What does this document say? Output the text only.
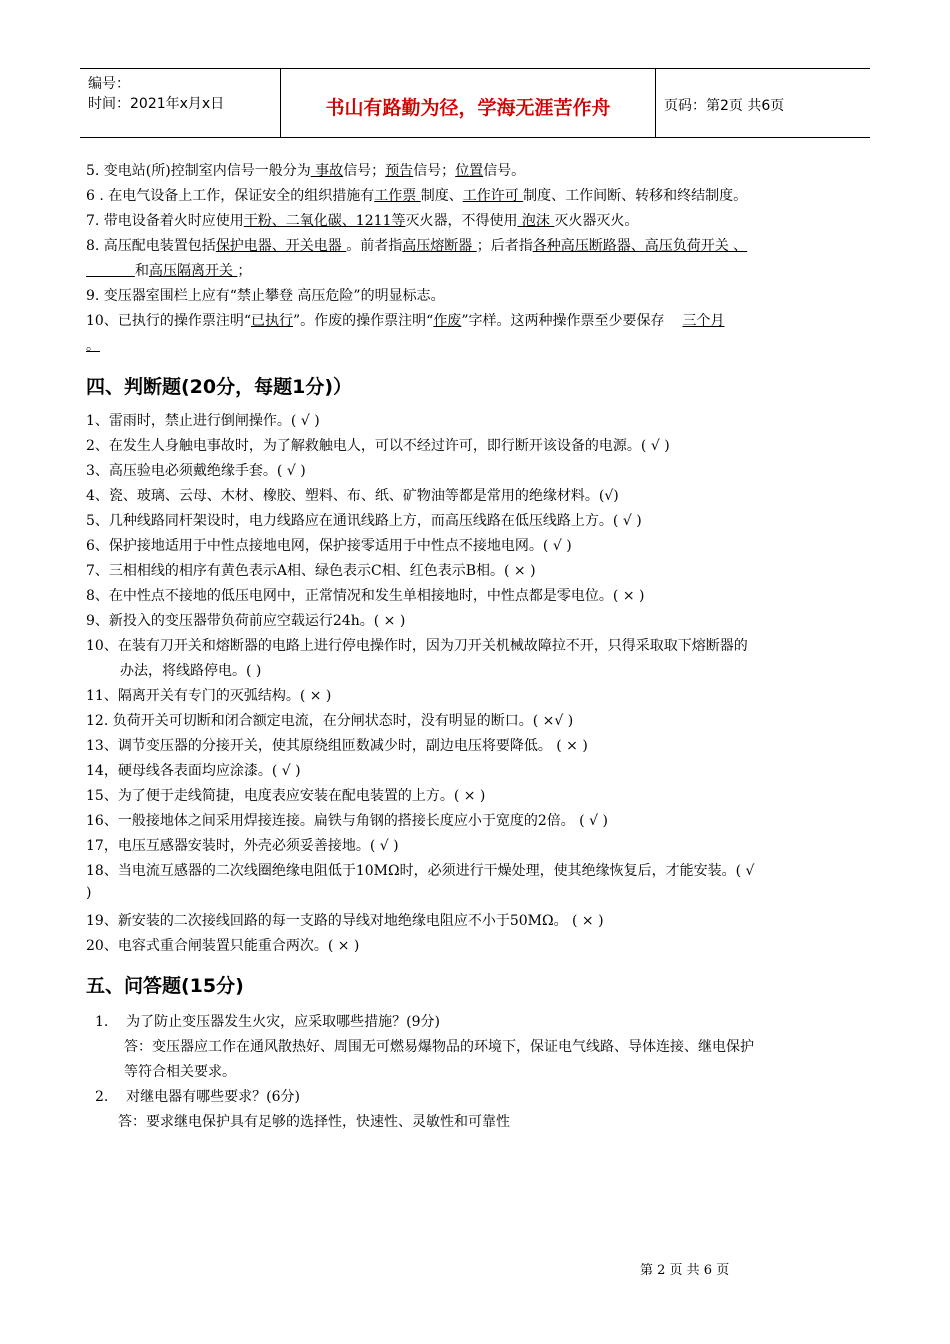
编号：
时间：2021年x月x日	书山有路勤为径，学海无涯苦作舟	页码：第2页 共6页
5. 变电站(所)控制室内信号一般分为 事故信号；预告信号；位置信号。
6 . 在电气设备上工作，保证安全的组织措施有工作票 制度、工作许可 制度、工作间断、转移和终结制度。
7. 带电设备着火时应使用干粉、二氧化碳、1211等灭火器，不得使用 泡沫 灭火器灭火。
8. 高压配电装置包括保护电器、开关电器 。前者指高压熔断器 ；后者指各种高压断路器、高压负荷开关 、
和高压隔离开关 ；
9. 变压器室围栏上应有“禁止攀登 高压危险”的明显标志。
10、已执行的操作票注明“已执行”。作废的操作票注明“作废”字样。这两种操作票至少要保存 三个月
。
四、判断题(20分，每题1分)）
1、雷雨时，禁止进行倒闸操作。( √ )
2、在发生人身触电事故时，为了解救触电人，可以不经过许可，即行断开该设备的电源。( √ )
3、高压验电必须戴绝缘手套。( √ )
4、瓷、玻璃、云母、木材、橡胶、塑料、布、纸、矿物油等都是常用的绝缘材料。(√)
5、几种线路同杆架设时，电力线路应在通讯线路上方，而高压线路在低压线路上方。( √ )
6、保护接地适用于中性点接地电网，保护接零适用于中性点不接地电网。( √ )
7、三相相线的相序有黄色表示A相、绿色表示C相、红色表示B相。( × )
8、在中性点不接地的低压电网中，正常情况和发生单相接地时，中性点都是零电位。( × )
9、新投入的变压器带负荷前应空载运行24h。( × )
10、在装有刀开关和熔断器的电路上进行停电操作时，因为刀开关机械故障拉不开，只得采取取下熔断器的
办法，将线路停电。( )
11、隔离开关有专门的灭弧结构。( × )
12. 负荷开关可切断和闭合额定电流，在分闸状态时，没有明显的断口。( ×√ )
13、调节变压器的分接开关，使其原绕组匝数减少时，副边电压将要降低。 ( × )
14，硬母线各表面均应涂漆。( √ )
15、为了便于走线简捷，电度表应安装在配电装置的上方。( × )
16、一般接地体之间采用焊接连接。扁铁与角钢的搭接长度应小于宽度的2倍。 ( √ )
17，电压互感器安装时，外壳必须妥善接地。( √ )
18、当电流互感器的二次线圈绝缘电阻低于10MΩ时，必须进行干燥处理，使其绝缘恢复后，才能安装。( √
)
19、新安装的二次接线回路的每一支路的导线对地绝缘电阻应不小于50MΩ。 ( × )
20、电容式重合闸装置只能重合两次。( × )
五、问答题(15分)
1.    为了防止变压器发生火灾，应采取哪些措施？(9分)
答：变压器应工作在通风散热好、周围无可燃易爆物品的环境下，保证电气线路、导体连接、继电保护
等符合相关要求。
2.    对继电器有哪些要求？(6分)
答：要求继电保护具有足够的选择性，快速性、灵敏性和可靠性
第 2 页 共 6 页
